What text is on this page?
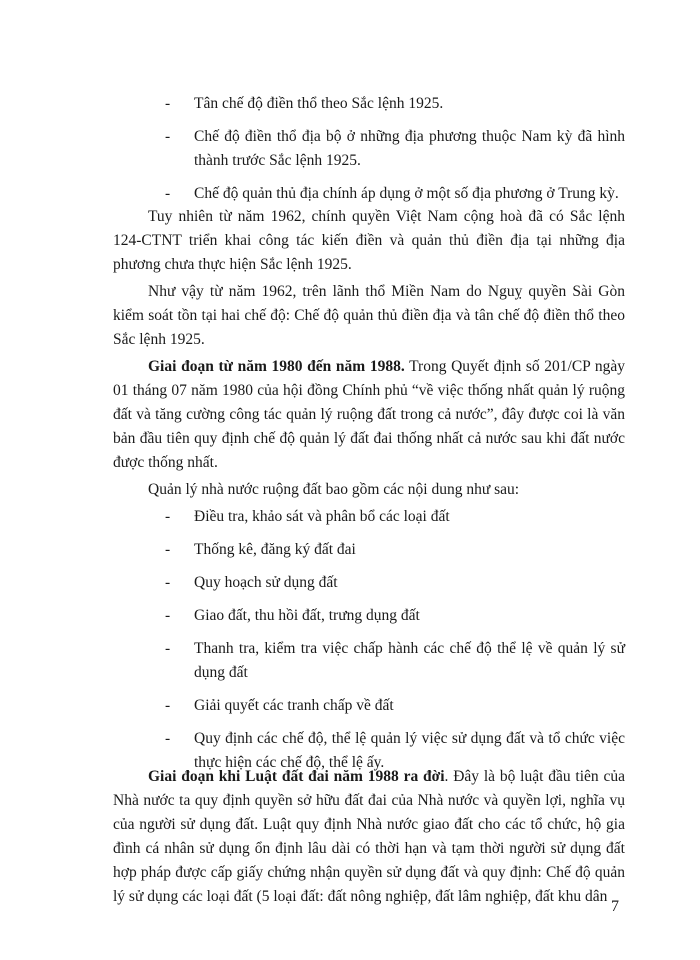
- Tân chế độ điền thổ theo Sắc lệnh 1925.
- Chế độ điền thổ địa bộ ở những địa phương thuộc Nam kỳ đã hình thành trước Sắc lệnh 1925.
- Chế độ quản thủ địa chính áp dụng ở một số địa phương ở Trung kỳ.

Tuy nhiên từ năm 1962, chính quyền Việt Nam cộng hoà đã có Sắc lệnh 124-CTNT triển khai công tác kiến điền và quản thủ điền địa tại những địa phương chưa thực hiện Sắc lệnh 1925.

Như vậy từ năm 1962, trên lãnh thổ Miền Nam do Nguỵ quyền Sài Gòn kiểm soát tồn tại hai chế độ: Chế độ quản thủ điền địa và tân chế độ điền thổ theo Sắc lệnh 1925.

Giai đoạn từ năm 1980 đến năm 1988. Trong Quyết định số 201/CP ngày 01 tháng 07 năm 1980 của hội đồng Chính phủ “về việc thống nhất quản lý ruộng đất và tăng cường công tác quản lý ruộng đất trong cả nước”, đây được coi là văn bản đầu tiên quy định chế độ quản lý đất đai thống nhất cả nước sau khi đất nước được thống nhất.

Quản lý nhà nước ruộng đất bao gồm các nội dung như sau:

- Điều tra, khảo sát và phân bổ các loại đất
- Thống kê, đăng ký đất đai
- Quy hoạch sử dụng đất
- Giao đất, thu hồi đất, trưng dụng đất
- Thanh tra, kiểm tra việc chấp hành các chế độ thể lệ về quản lý sử dụng đất
- Giải quyết các tranh chấp về đất
- Quy định các chế độ, thể lệ quản lý việc sử dụng đất và tổ chức việc thực hiện các chế độ, thể lệ ấy.

Giai đoạn khi Luật đất đai năm 1988 ra đời. Đây là bộ luật đầu tiên của Nhà nước ta quy định quyền sở hữu đất đai của Nhà nước và quyền lợi, nghĩa vụ của người sử dụng đất. Luật quy định Nhà nước giao đất cho các tổ chức, hộ gia đình cá nhân sử dụng ổn định lâu dài có thời hạn và tạm thời người sử dụng đất hợp pháp được cấp giấy chứng nhận quyền sử dụng đất và quy định: Chế độ quản lý sử dụng các loại đất (5 loại đất: đất nông nghiệp, đất lâm nghiệp, đất khu dân

7
